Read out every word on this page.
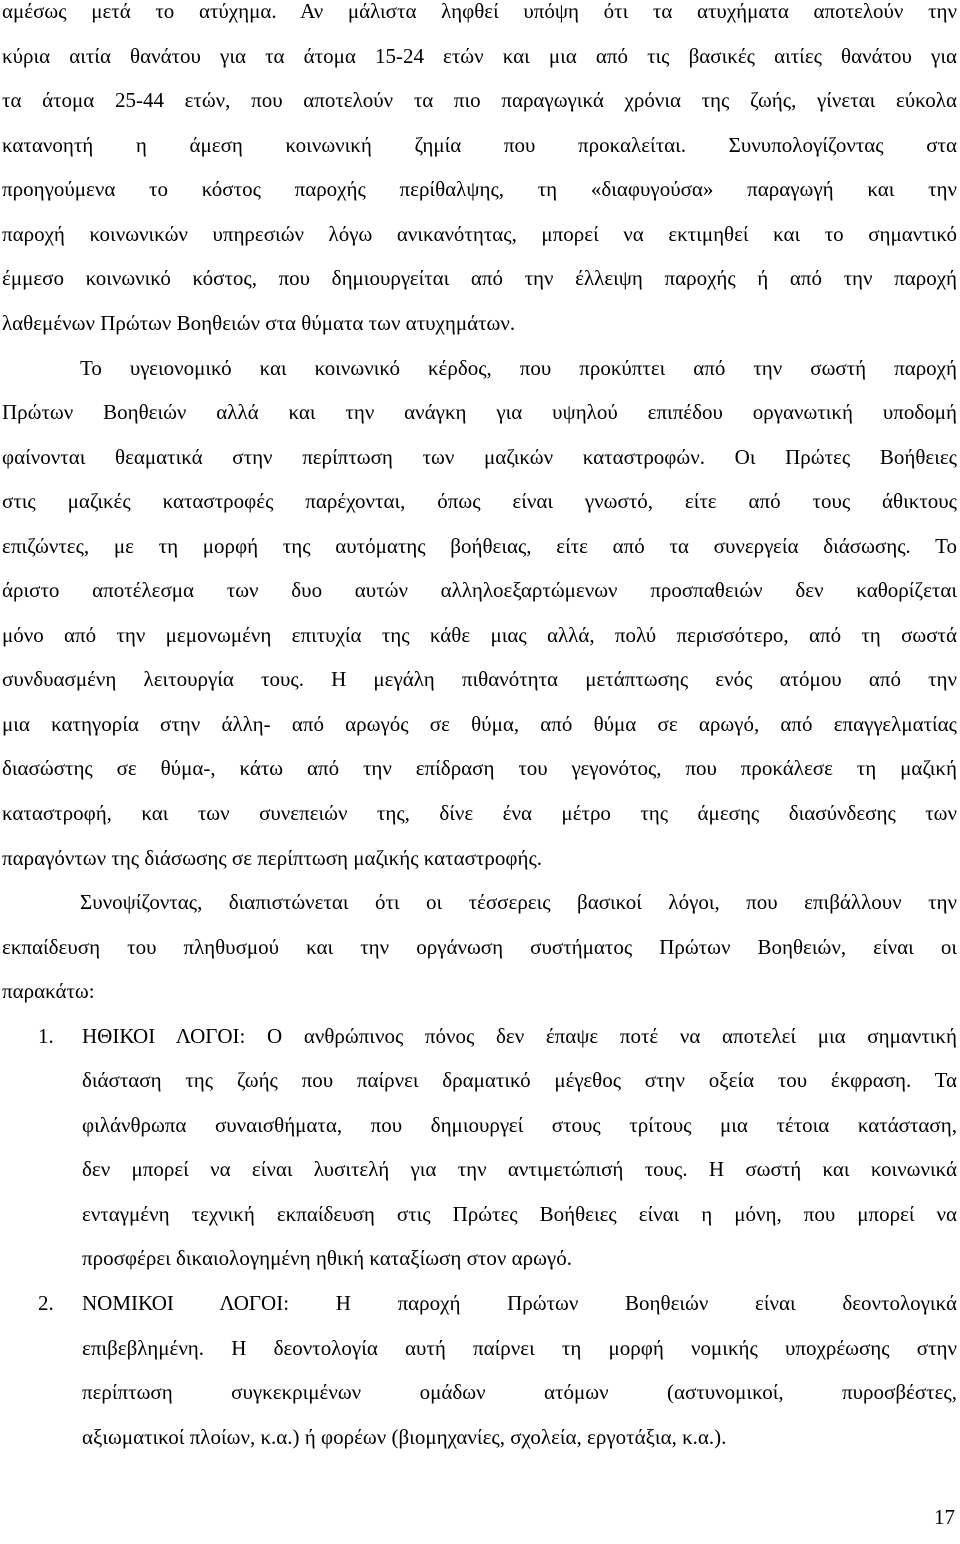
αμέσως μετά το ατύχημα. Αν μάλιστα ληφθεί υπόψη ότι τα ατυχήματα αποτελούν την
κύρια αιτία θανάτου για τα άτομα 15-24 ετών και μια από τις βασικές αιτίες θανάτου για
τα άτομα 25-44 ετών, που αποτελούν τα πιο παραγωγικά χρόνια της ζωής, γίνεται εύκολα
κατανοητή η άμεση κοινωνική ζημία που προκαλείται. Συνυπολογίζοντας στα
προηγούμενα το κόστος παροχής περίθαλψης, τη «διαφυγούσα» παραγωγή και την
παροχή κοινωνικών υπηρεσιών λόγω ανικανότητας, μπορεί να εκτιμηθεί και το σημαντικό
έμμεσο κοινωνικό κόστος, που δημιουργείται από την έλλειψη παροχής ή από την παροχή
λαθεμένων Πρώτων Βοηθειών στα θύματα των ατυχημάτων.
Το υγειονομικό και κοινωνικό κέρδος, που προκύπτει από την σωστή παροχή
Πρώτων Βοηθειών αλλά και την ανάγκη για υψηλού επιπέδου οργανωτική υποδομή
φαίνονται θεαματικά στην περίπτωση των μαζικών καταστροφών. Οι Πρώτες Βοήθειες
στις μαζικές καταστροφές παρέχονται, όπως είναι γνωστό, είτε από τους άθικτους
επιζώντες, με τη μορφή της αυτόματης βοήθειας, είτε από τα συνεργεία διάσωσης. Το
άριστο αποτέλεσμα των δυο αυτών αλληλοεξαρτώμενων προσπαθειών δεν καθορίζεται
μόνο από την μεμονωμένη επιτυχία της κάθε μιας αλλά, πολύ περισσότερο, από τη σωστά
συνδυασμένη λειτουργία τους. Η μεγάλη πιθανότητα μετάπτωσης ενός ατόμου από την
μια κατηγορία στην άλλη- από αρωγός σε θύμα, από θύμα σε αρωγό, από επαγγελματίας
διασώστης σε θύμα-, κάτω από την επίδραση του γεγονότος, που προκάλεσε τη μαζική
καταστροφή, και των συνεπειών της, δίνε ένα μέτρο της άμεσης διασύνδεσης των
παραγόντων της διάσωσης σε περίπτωση μαζικής καταστροφής.
Συνοψίζοντας, διαπιστώνεται ότι οι τέσσερεις βασικοί λόγοι, που επιβάλλουν την
εκπαίδευση του πληθυσμού και την οργάνωση συστήματος Πρώτων Βοηθειών, είναι οι
παρακάτω:
1.	ΗΘΙΚΟΙ ΛΟΓΟΙ: Ο ανθρώπινος πόνος δεν έπαψε ποτέ να αποτελεί μια σημαντική
διάσταση της ζωής που παίρνει δραματικό μέγεθος στην οξεία του έκφραση. Τα
φιλάνθρωπα συναισθήματα, που δημιουργεί στους τρίτους μια τέτοια κατάσταση,
δεν μπορεί να είναι λυσιτελή για την αντιμετώπισή τους. Η σωστή και κοινωνικά
ενταγμένη τεχνική εκπαίδευση στις Πρώτες Βοήθειες είναι η μόνη, που μπορεί να
προσφέρει δικαιολογημένη ηθική καταξίωση στον αρωγό.
2.	ΝΟΜΙΚΟΙ ΛΟΓΟΙ: Η παροχή Πρώτων Βοηθειών είναι δεοντολογικά
επιβεβλημένη. Η δεοντολογία αυτή παίρνει τη μορφή νομικής υποχρέωσης στην
περίπτωση συγκεκριμένων ομάδων ατόμων (αστυνομικοί, πυροσβέστες,
αξιωματικοί πλοίων, κ.α.) ή φορέων (βιομηχανίες, σχολεία, εργοτάξια, κ.α.).
17
